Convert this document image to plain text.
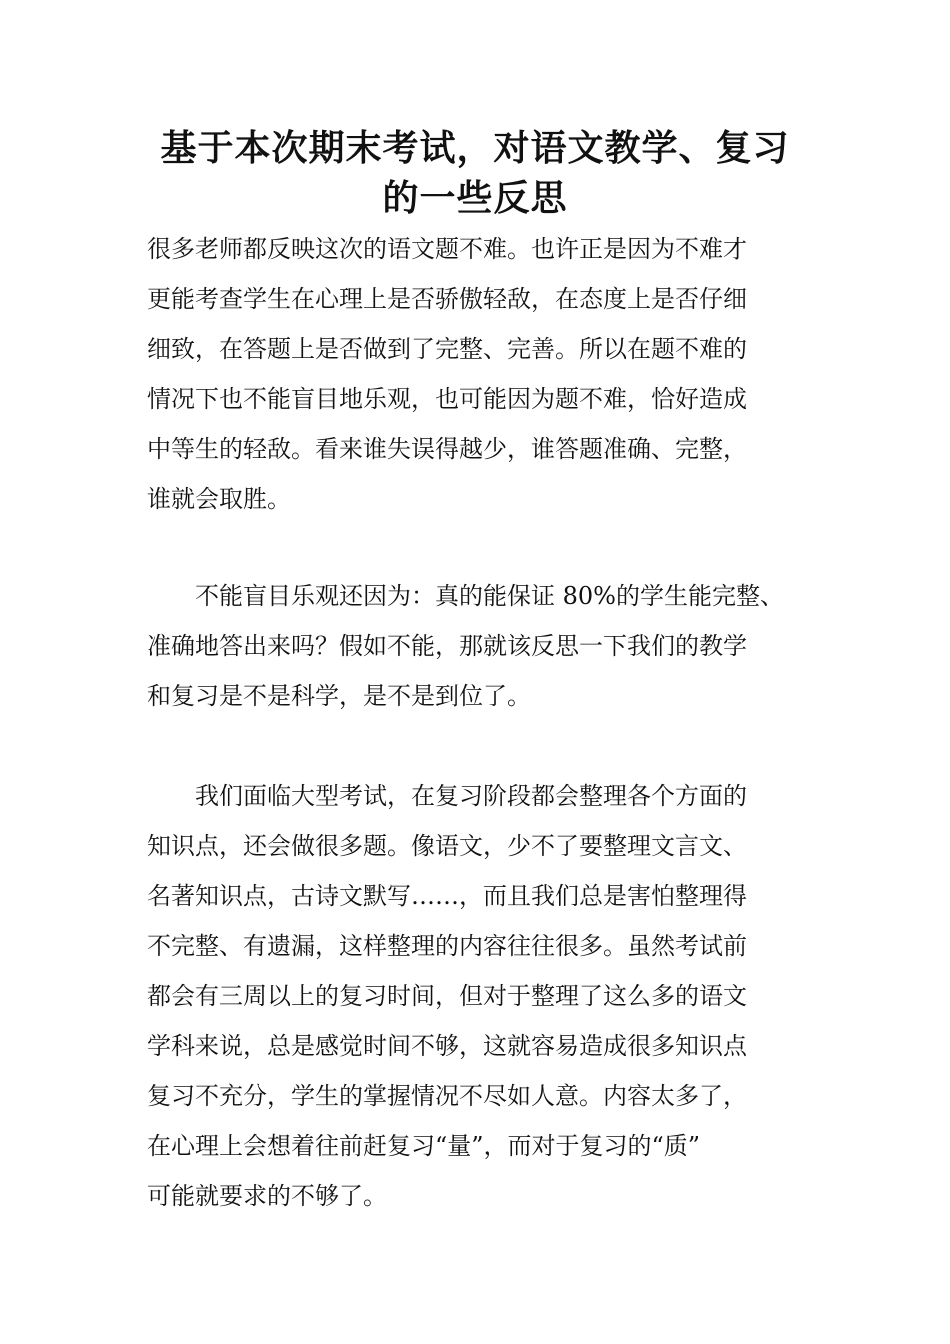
基于本次期末考试，对语文教学、复习
的一些反思
很多老师都反映这次的语文题不难。也许正是因为不难才
更能考查学生在心理上是否骄傲轻敌，在态度上是否仔细
细致，在答题上是否做到了完整、完善。所以在题不难的
情况下也不能盲目地乐观，也可能因为题不难，恰好造成
中等生的轻敌。看来谁失误得越少，谁答题准确、完整，
谁就会取胜。
　　不能盲目乐观还因为：真的能保证 80%的学生能完整、
准确地答出来吗？假如不能，那就该反思一下我们的教学
和复习是不是科学，是不是到位了。
　　我们面临大型考试，在复习阶段都会整理各个方面的
知识点，还会做很多题。像语文，少不了要整理文言文、
名著知识点，古诗文默写……，而且我们总是害怕整理得
不完整、有遗漏，这样整理的内容往往很多。虽然考试前
都会有三周以上的复习时间，但对于整理了这么多的语文
学科来说，总是感觉时间不够，这就容易造成很多知识点
复习不充分，学生的掌握情况不尽如人意。内容太多了，
在心理上会想着往前赶复习“量”，而对于复习的“质”
可能就要求的不够了。
